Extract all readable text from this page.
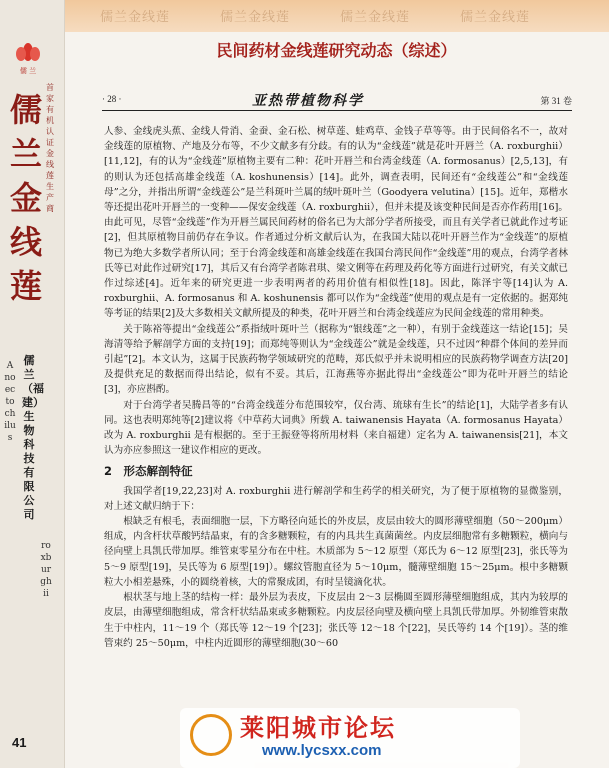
儒兰金线莲	儒兰金线莲	儒兰金线莲	儒兰金线莲
儒 兰
儒兰金线莲
首家有机认证金线莲生产商
Anoectochilus
儒兰（福建）生物科技有限公司
roxburghii
41
民间药材金线莲研究动态（综述）
· 28 ·	亚热带植物科学	第 31 卷

人参、金线虎头蕉、金线人骨消、金蚕、金石松、树草莲、蛙鸡草、金钱子草等等。由于民间俗名不一，故对金线莲的原植物、产地及分布等，不少文献多有分歧。有的认为“金线莲”就是花叶开唇兰（A. roxburghii）[11,12]，有的认为“金线莲”原植物主要有二种：花叶开唇兰和台湾金线莲（A. formosanus）[2,5,13]，有的则认为还包括高雄金线莲（A. koshunensis）[14]。此外，调查表明，民间还有“金线莲公”和“金线莲母”之分，并指出所谓“金线莲公”是兰科斑叶兰属的绒叶斑叶兰（Goodyera velutina）[15]。近年，郑楷水等还提出花叶开唇兰的一变种——保安金线莲（A. roxburghii），但并未提及该变种民间是否亦作药用[16]。由此可见，尽管“金线莲”作为开唇兰属民间药材的俗名已为大部分学者所接受，而且有关学者已就此作过考证[2]，但其原植物目前仍存在争议。作者通过分析文献后认为，在我国大陆以花叶开唇兰作为“金线莲”的原植物已为绝大多数学者所认同；至于台湾金线莲和高雄金线莲在我国台湾民间作“金线莲”用的观点，台湾学者林氏等已对此作过研究[17]，其后又有台湾学者陈君琪、梁文俐等在药理及药化等方面进行过研究，有关文献已作过综述[4]。近年来的研究更进一步表明两者的药用价值有相似性[18]。因此，陈泽宇等[14]认为 A. roxburghii、A. formosanus 和 A. koshunensis 都可以作为“金线莲”使用的观点是有一定依据的。据郑纯等考证的结果[2]及大多数相关文献所提及的种类，花叶开唇兰和台湾金线莲应为民间金线莲的常用种类。

关于陈裕等提出“金线莲公”系指绒叶斑叶兰（据称为“银线莲”之一种），有别于金线莲这一结论[15]；吴海清等给予解剖学方面的支持[19]；而郑纯等则认为“金线莲公”就是金线莲，只不过因“种群个体间的差异而引起”[2]。本文认为，这属于民族药物学领域研究的范畴，郑氏似乎并未说明相应的民族药物学调查方法[20]及提供充足的数据而得出结论，似有不妥。其后，江海燕等亦据此得出“金线莲公”即为花叶开唇兰的结论[3]，亦应斟酌。

对于台湾学者吴腾昌等的“台湾金线莲分布范围较窄，仅台湾、琉球有生长”的结论[1]，大陆学者多有认同。这也表明郑纯等[2]建议将《中草药大词典》所载 A. taiwanensis Hayata（A. formosanus Hayata）改为 A. roxburghii 是有根据的。至于王振登等将所用材料（来自福建）定名为 A. taiwanensis[21]，本文认为亦应参照这一建议作相应的更改。

2　形态解剖特征

我国学者[19,22,23]对 A. roxburghii 进行解剖学和生药学的相关研究，为了便于原植物的显微鉴别，对上述文献归纳于下：

根缺乏有根毛，表面细胞一层，下方略径向延长的外皮层，皮层由较大的圆形薄壁细胞（50～200μm）组成，内含杆状草酸钙结晶束，有的含多糖颗粒，有的内具共生真菌菌丝。内皮层细胞常有多糖颗粒，横向与径向壁上具凯氏带加厚。维管束零星分布在中柱。木质部为 5～12 原型（郑氏为 6～12 原型[23]，张氏等为 5～9 原型[19]，吴氏等为 6 原型[19]）。螺纹管胞直径为 5～10μm，髓薄壁细胞 15～25μm。根中多糖颗粒大小相差悬殊，小的圆绕着核，大的常聚成团，有时呈镜滴化状。

根状茎与地上茎的结构一样：最外层为表皮，下皮层由 2～3 层椭圆至圆形薄壁细胞组成，其内为较厚的皮层，由薄壁细胞组成，常含杆状结晶束或多糖颗粒。内皮层径向壁及横向壁上具凯氏带加厚。外韧维管束散生于中柱内，11～19 个（郑氏等 12～19 个[23]；张氏等 12～18 个[22]，吴氏等约 14 个[19]）。茎的维管束约 25～50μm，中柱内近圆形的薄壁细胞(30～60

莱阳城市论坛
www.lycsxx.com
